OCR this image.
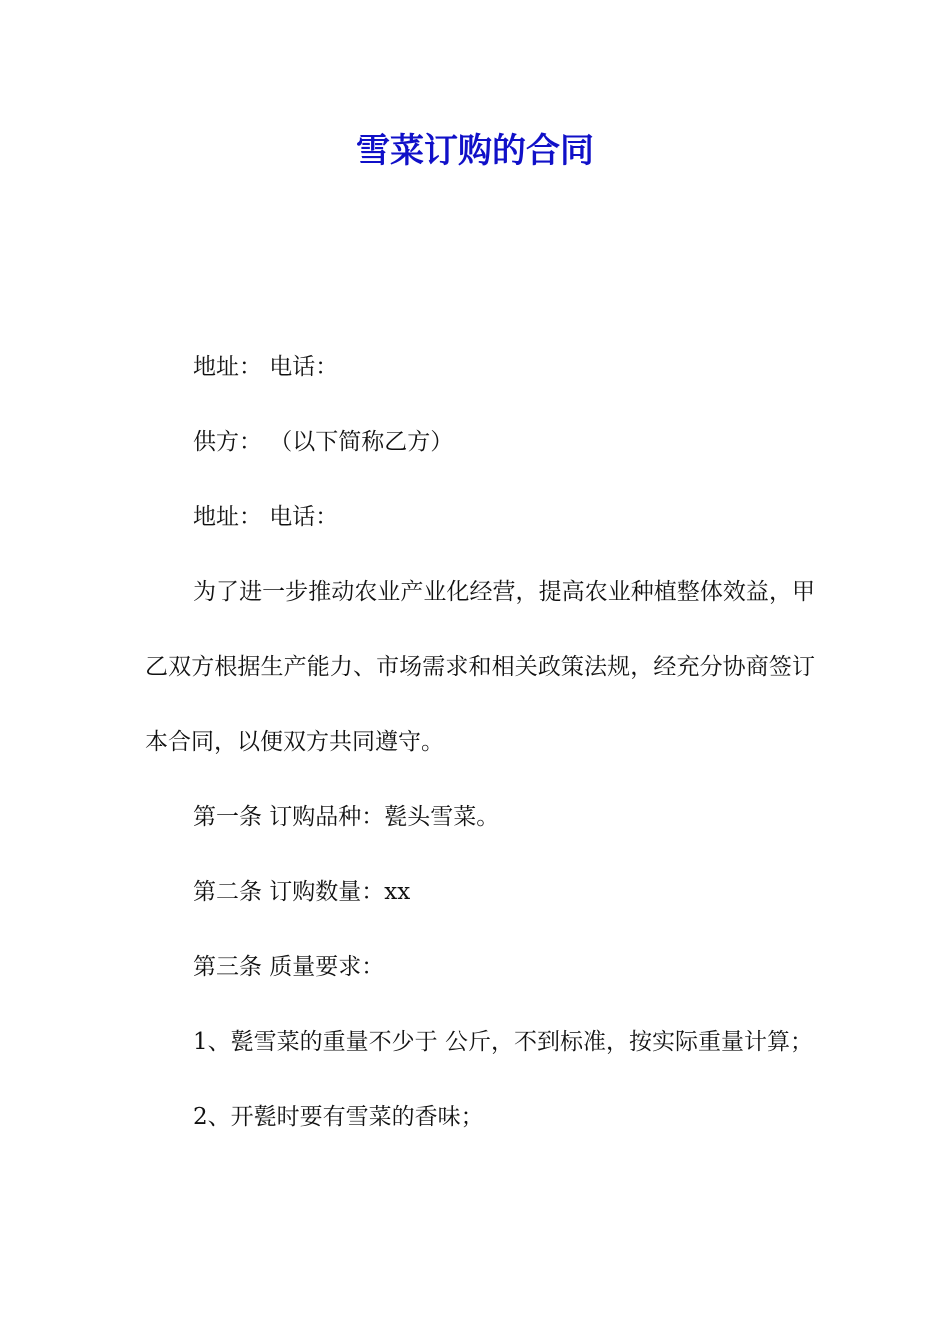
雪菜订购的合同

地址： 电话：

供方： （以下简称乙方）

地址： 电话：

为了进一步推动农业产业化经营，提高农业种植整体效益，甲乙双方根据生产能力、市场需求和相关政策法规，经充分协商签订本合同，以便双方共同遵守。

第一条 订购品种：甏头雪菜。

第二条 订购数量：xx

第三条 质量要求：

1、甏雪菜的重量不少于 公斤，不到标准，按实际重量计算；

2、开甏时要有雪菜的香味；
